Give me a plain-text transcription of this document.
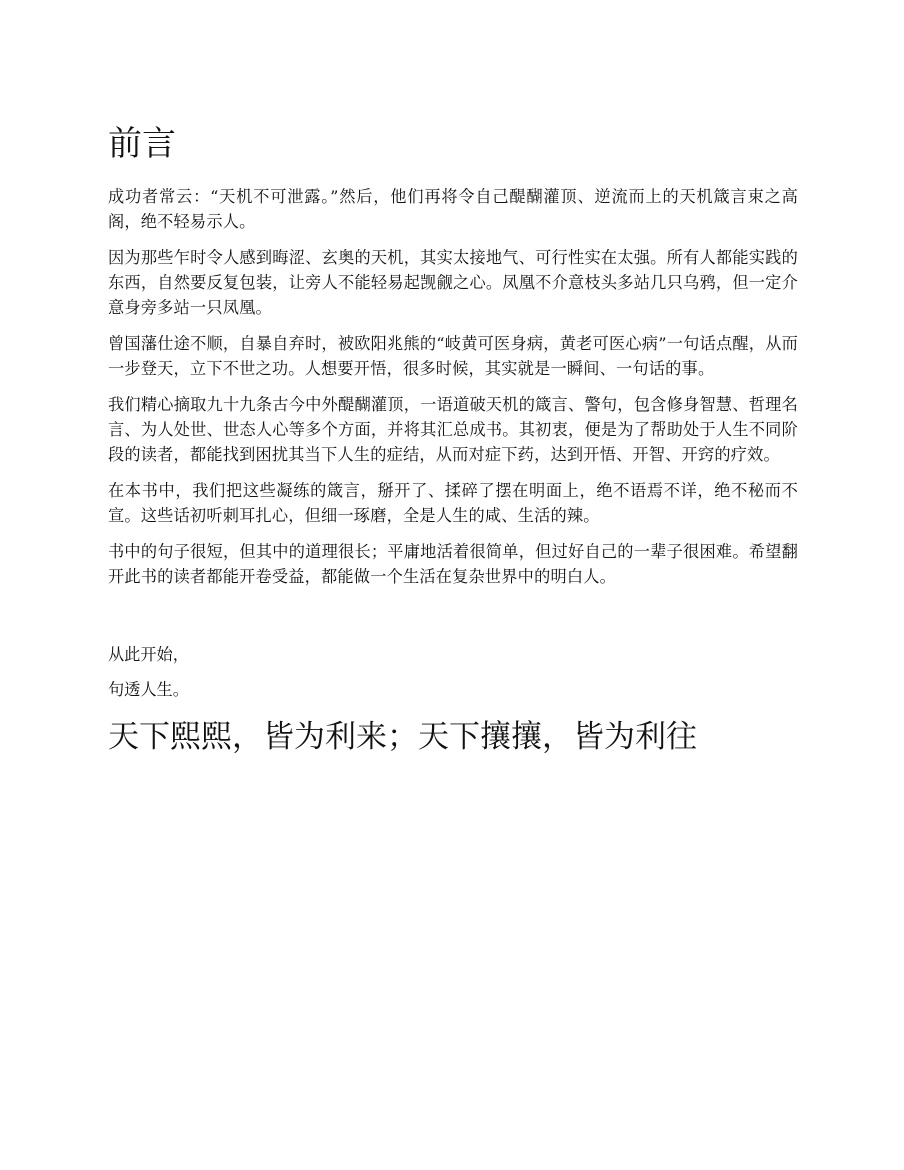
前言

成功者常云：“天机不可泄露。”然后，他们再将令自己醍醐灌顶、逆流而上的天机箴言束之高阁，绝不轻易示人。

因为那些乍时令人感到晦涩、玄奥的天机，其实太接地气、可行性实在太强。所有人都能实践的东西，自然要反复包装，让旁人不能轻易起觊觎之心。凤凰不介意枝头多站几只乌鸦，但一定介意身旁多站一只凤凰。

曾国藩仕途不顺，自暴自弃时，被欧阳兆熊的“岐黄可医身病，黄老可医心病”一句话点醒，从而一步登天，立下不世之功。人想要开悟，很多时候，其实就是一瞬间、一句话的事。

我们精心摘取九十九条古今中外醍醐灌顶，一语道破天机的箴言、警句，包含修身智慧、哲理名言、为人处世、世态人心等多个方面，并将其汇总成书。其初衷，便是为了帮助处于人生不同阶段的读者，都能找到困扰其当下人生的症结，从而对症下药，达到开悟、开智、开窍的疗效。

在本书中，我们把这些凝练的箴言，掰开了、揉碎了摆在明面上，绝不语焉不详，绝不秘而不宣。这些话初听刺耳扎心，但细一琢磨，全是人生的咸、生活的辣。

书中的句子很短，但其中的道理很长；平庸地活着很简单，但过好自己的一辈子很困难。希望翻开此书的读者都能开卷受益，都能做一个生活在复杂世界中的明白人。

从此开始，

句透人生。

天下熙熙，皆为利来；天下攘攘，皆为利往
